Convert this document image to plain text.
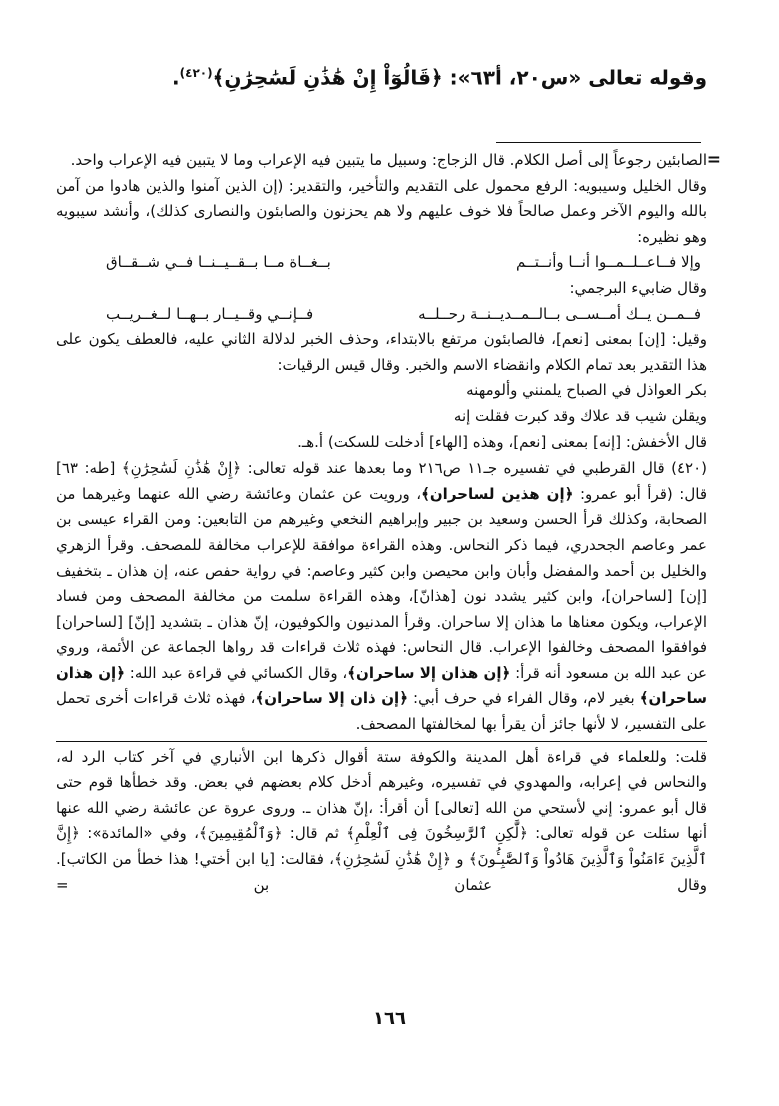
وقوله تعالى «س٢٠، أ٦٣»: ﴿قَالُوٓاْ إِنْ هَٰذَٰنِ لَسَٰحِرَٰنِ﴾$^{(٤٢٠)}$.
=

الصابئين رجوعاً إلى أصل الكلام. قال الزجاج: وسبيل ما يتبين فيه الإعراب وما لا يتبين فيه الإعراب واحد.

وقال الخليل وسيبويه: الرفع محمول على التقديم والتأخير، والتقدير: (إن الذين آمنوا والذين هادوا من آمن بالله واليوم الآخر وعمل صالحاً فلا خوف عليهم ولا هم يحزنون والصابئون والنصارى كذلك)، وأنشد سيبويه وهو نظيره:

وإلا فــاعــلــمــوا أنــا وأنــتــم
بــغــاة مــا بــقــيــنــا فــي شــقــاق

وقال ضابيء البرجمي:

فــمــن يــك أمــســى بــالــمــديــنــة رحــلــه
فــإنــي وقــيــار بــهــا لــغــريــب

وقيل: [إن] بمعنى [نعم]، فالصابئون مرتفع بالابتداء، وحذف الخبر لدلالة الثاني عليه، فالعطف يكون على هذا التقدير بعد تمام الكلام وانقضاء الاسم والخبر. وقال قيس الرقيات:

بكر العواذل في الصباح يلمنني وألومهنه

ويقلن شيب قد علاك وقد كبرت فقلت إنه

قال الأخفش: [إنه] بمعنى [نعم]، وهذه [الهاء] أدخلت للسكت) أ.هـ.

(٤٢٠) قال القرطبي في تفسيره جـ١١ ص٢١٦ وما بعدها عند قوله تعالى: ﴿إِنْ هَٰذَٰنِ لَسَٰحِرَٰنِ﴾ [طه: ٦٣] قال: (قرأ أبو عمرو: ﴿إن هذين لساحران﴾، ورويت عن عثمان وعائشة رضي الله عنهما وغيرهما من الصحابة، وكذلك قرأ الحسن وسعيد بن جبير وإبراهيم النخعي وغيرهم من التابعين: ومن القراء عيسى بن عمر وعاصم الجحدري، فيما ذكر النحاس. وهذه القراءة موافقة للإعراب مخالفة للمصحف. وقرأ الزهري والخليل بن أحمد والمفضل وأبان وابن محيصن وابن كثير وعاصم: في رواية حفص عنه، إن هذان ـ بتخفيف [إن] [لساحران]، وابن كثير يشدد نون [هذانّ]، وهذه القراءة سلمت من مخالفة المصحف ومن فساد الإعراب، ويكون معناها ما هذان إلا ساحران. وقرأ المدنيون والكوفيون، إنّ هذان ـ بتشديد [إنّ] [لساحران] فوافقوا المصحف وخالفوا الإعراب. قال النحاس: فهذه ثلاث قراءات قد رواها الجماعة عن الأئمة، وروي عن عبد الله بن مسعود أنه قرأ: ﴿إن هذان إلا ساحران﴾، وقال الكسائي في قراءة عبد الله: ﴿إن هذان ساحران﴾ بغير لام، وقال الفراء في حرف أبي: ﴿إن ذان إلا ساحران﴾، فهذه ثلاث قراءات أخرى تحمل على التفسير، لا لأنها جائز أن يقرأ بها لمخالفتها المصحف.

قلت: وللعلماء في قراءة أهل المدينة والكوفة ستة أقوال ذكرها ابن الأنباري في آخر كتاب الرد له، والنحاس في إعرابه، والمهدوي في تفسيره، وغيرهم أدخل كلام بعضهم في بعض. وقد خطأها قوم حتى قال أبو عمرو: إني لأستحي من الله [تعالى] أن أقرأ: ،إنّ هذان ـ. وروى عروة عن عائشة رضي الله عنها أنها سئلت عن قوله تعالى: ﴿لَّٰكِنِ ٱلرَّٰسِخُونَ فِى ٱلْعِلْمِ﴾ ثم قال: ﴿وَٱلْمُقِيمِينَ﴾، وفي «المائدة»: ﴿إِنَّ ٱلَّذِينَ ءَامَنُواْ وَٱلَّذِينَ هَادُواْ وَٱلصَّٰبِـُٔونَ﴾ و ﴿إِنْ هَٰذَٰنِ لَسَٰحِرَٰنِ﴾، فقالت: [يا ابن أختي! هذا خطأ من الكاتب]. وقال عثمان بن =

١٦٦
